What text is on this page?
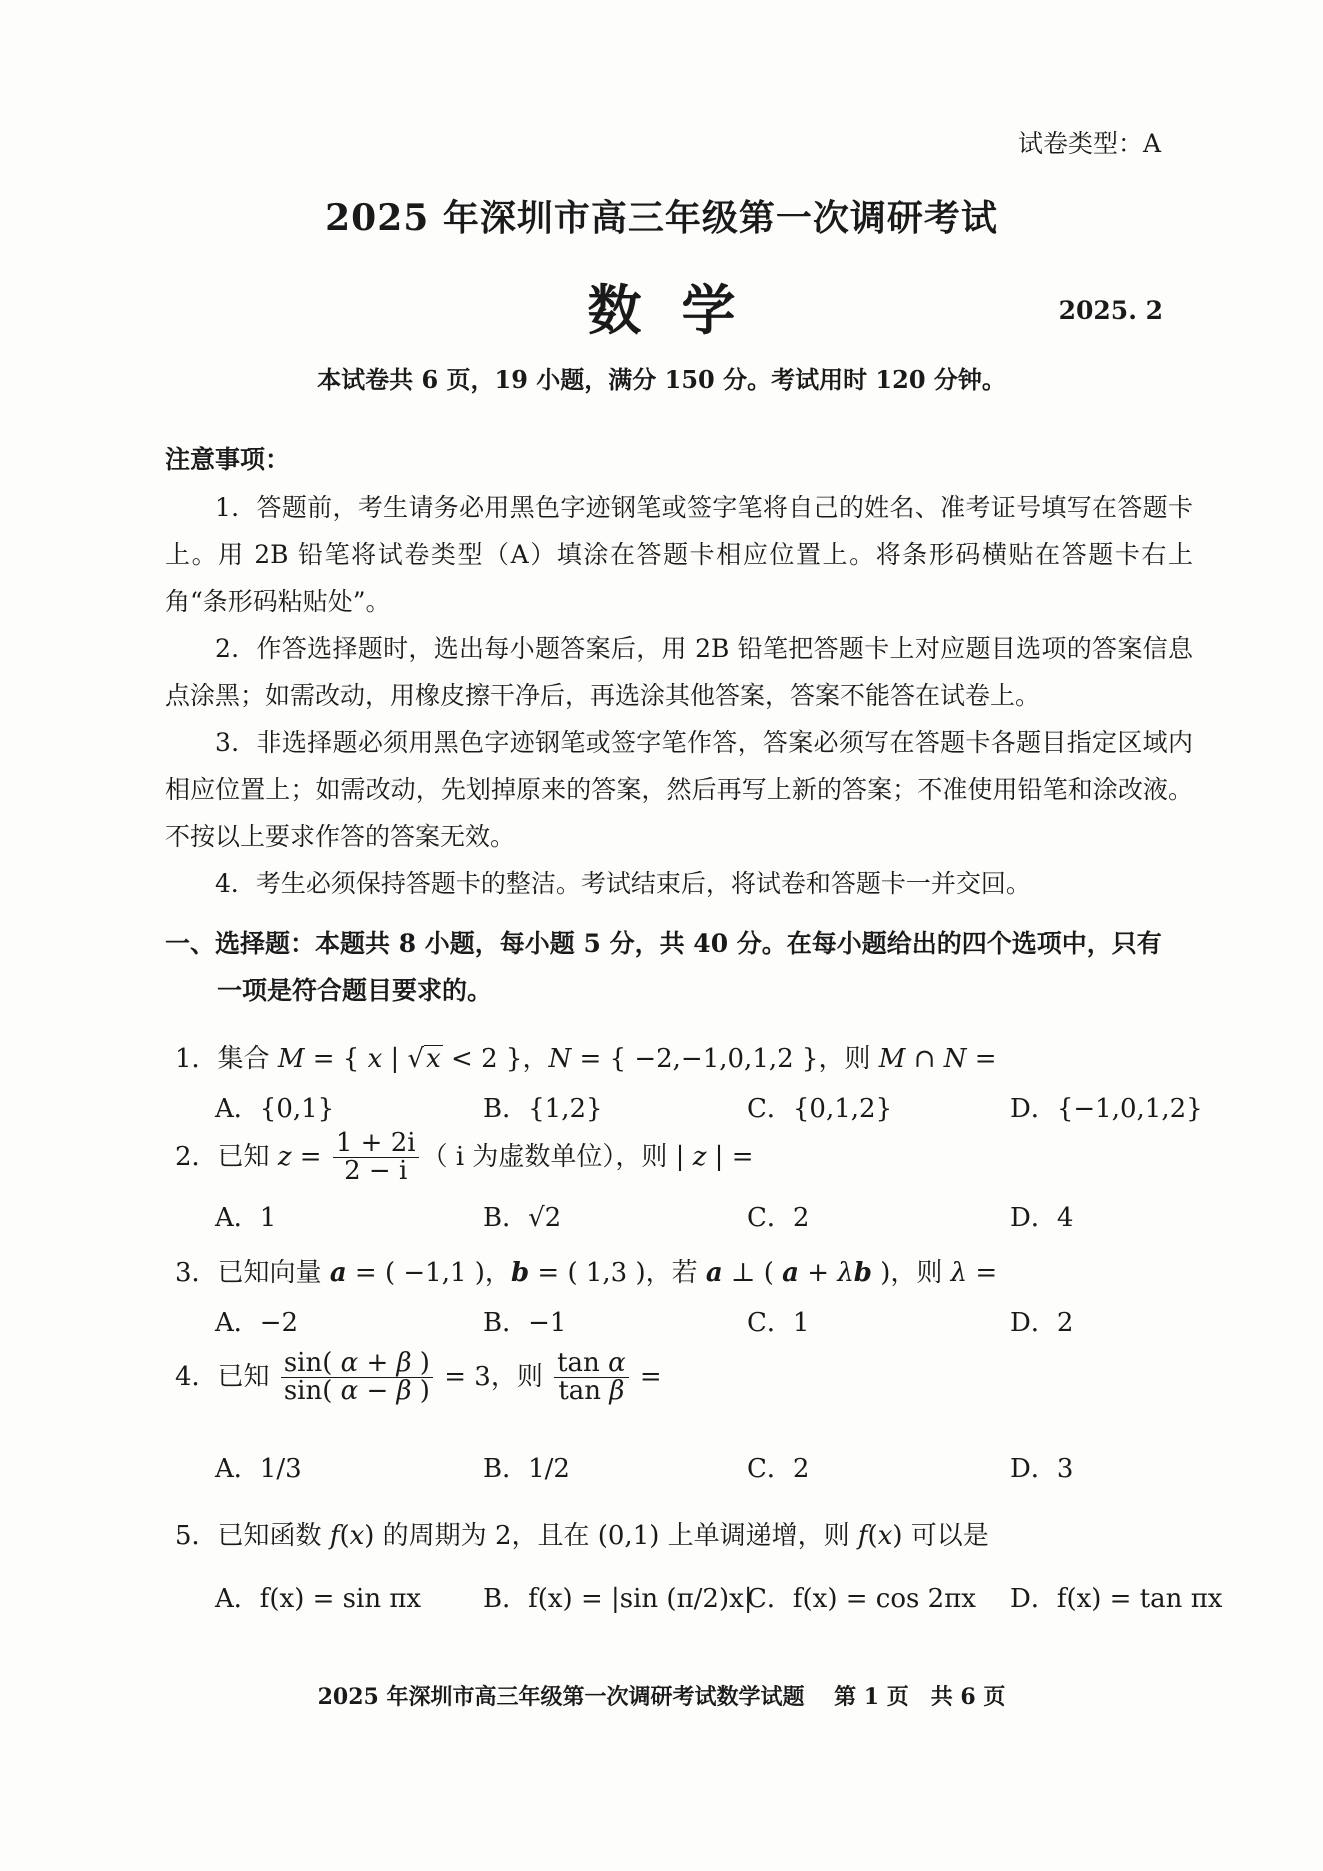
试卷类型：A
2025 年深圳市高三年级第一次调研考试
数学	2025. 2
本试卷共 6 页，19 小题，满分 150 分。考试用时 120 分钟。
注意事项：

1．答题前，考生请务必用黑色字迹钢笔或签字笔将自己的姓名、准考证号填写在答题卡上。用 2B 铅笔将试卷类型（A）填涂在答题卡相应位置上。将条形码横贴在答题卡右上角“条形码粘贴处”。

2．作答选择题时，选出每小题答案后，用 2B 铅笔把答题卡上对应题目选项的答案信息点涂黑；如需改动，用橡皮擦干净后，再选涂其他答案，答案不能答在试卷上。

3．非选择题必须用黑色字迹钢笔或签字笔作答，答案必须写在答题卡各题目指定区域内相应位置上；如需改动，先划掉原来的答案，然后再写上新的答案；不准使用铅笔和涂改液。不按以上要求作答的答案无效。

4．考生必须保持答题卡的整洁。考试结束后，将试卷和答题卡一并交回。

一、选择题：本题共 8 小题，每小题 5 分，共 40 分。在每小题给出的四个选项中，只有
一项是符合题目要求的。

1．集合 M = { x | √x < 2 }，N = { −2,−1,0,1,2 }，则 M ∩ N =
A．{0,1}	B．{1,2}	C．{0,1,2}	D．{−1,0,1,2}
2．已知 $z = \frac{1 + 2i}{2 - i}$ （ i 为虚数单位），则 | z | =
A．1	B．√2	C．2	D．4
3．已知向量 a = ( −1,1 )，b = ( 1,3 )，若 a ⊥ ( a + λb )，则 λ =
A．−2	B．−1	C．1	D．2
4．已知 $\frac{\sin( \alpha + \beta )}{\sin( \alpha - \beta )} = 3$，则 $\frac{\text{tan α}}{\text{tan β}}$ =
A．1/3	B．1/2	C．2	D．3
5．已知函数 f(x) 的周期为 2，且在 (0,1) 上单调递增，则 f(x) 可以是
A．f(x) = sin πx B．f(x) = |sin (π/2)x|
C．f(x) = cos 2πx D．f(x) = tan πx
2025 年深圳市高三年级第一次调研考试数学试题　 第 1 页　共 6 页
